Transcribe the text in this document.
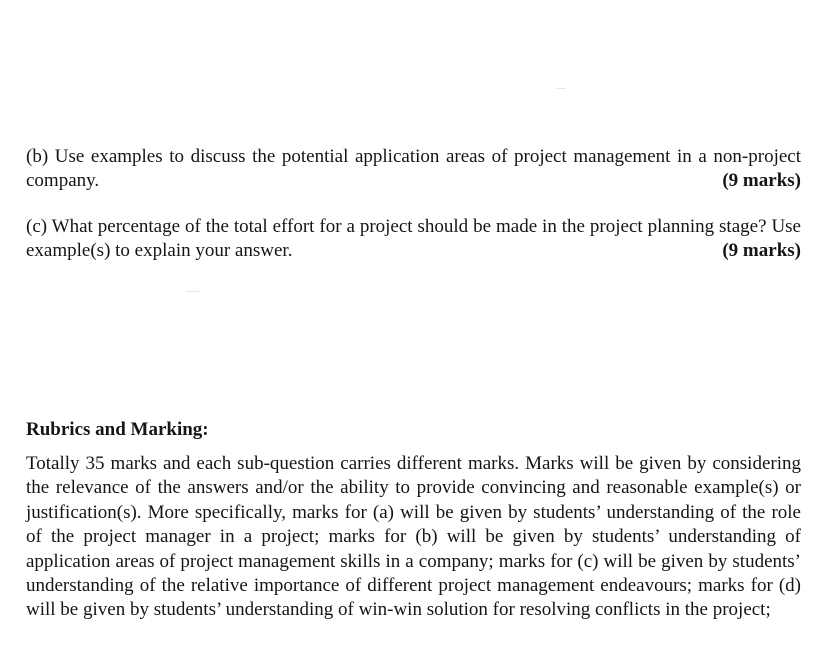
(b) Use examples to discuss the potential application areas of project management in a non-project company.	(9 marks)
(c) What percentage of the total effort for a project should be made in the project planning stage? Use example(s) to explain your answer.	(9 marks)
Rubrics and Marking:
Totally 35 marks and each sub-question carries different marks. Marks will be given by considering the relevance of the answers and/or the ability to provide convincing and reasonable example(s) or justification(s). More specifically, marks for (a) will be given by students’ understanding of the role of the project manager in a project; marks for (b) will be given by students’ understanding of application areas of project management skills in a company; marks for (c) will be given by students’ understanding of the relative importance of different project management endeavours; marks for (d) will be given by students’ understanding of win-win solution for resolving conflicts in the project;
